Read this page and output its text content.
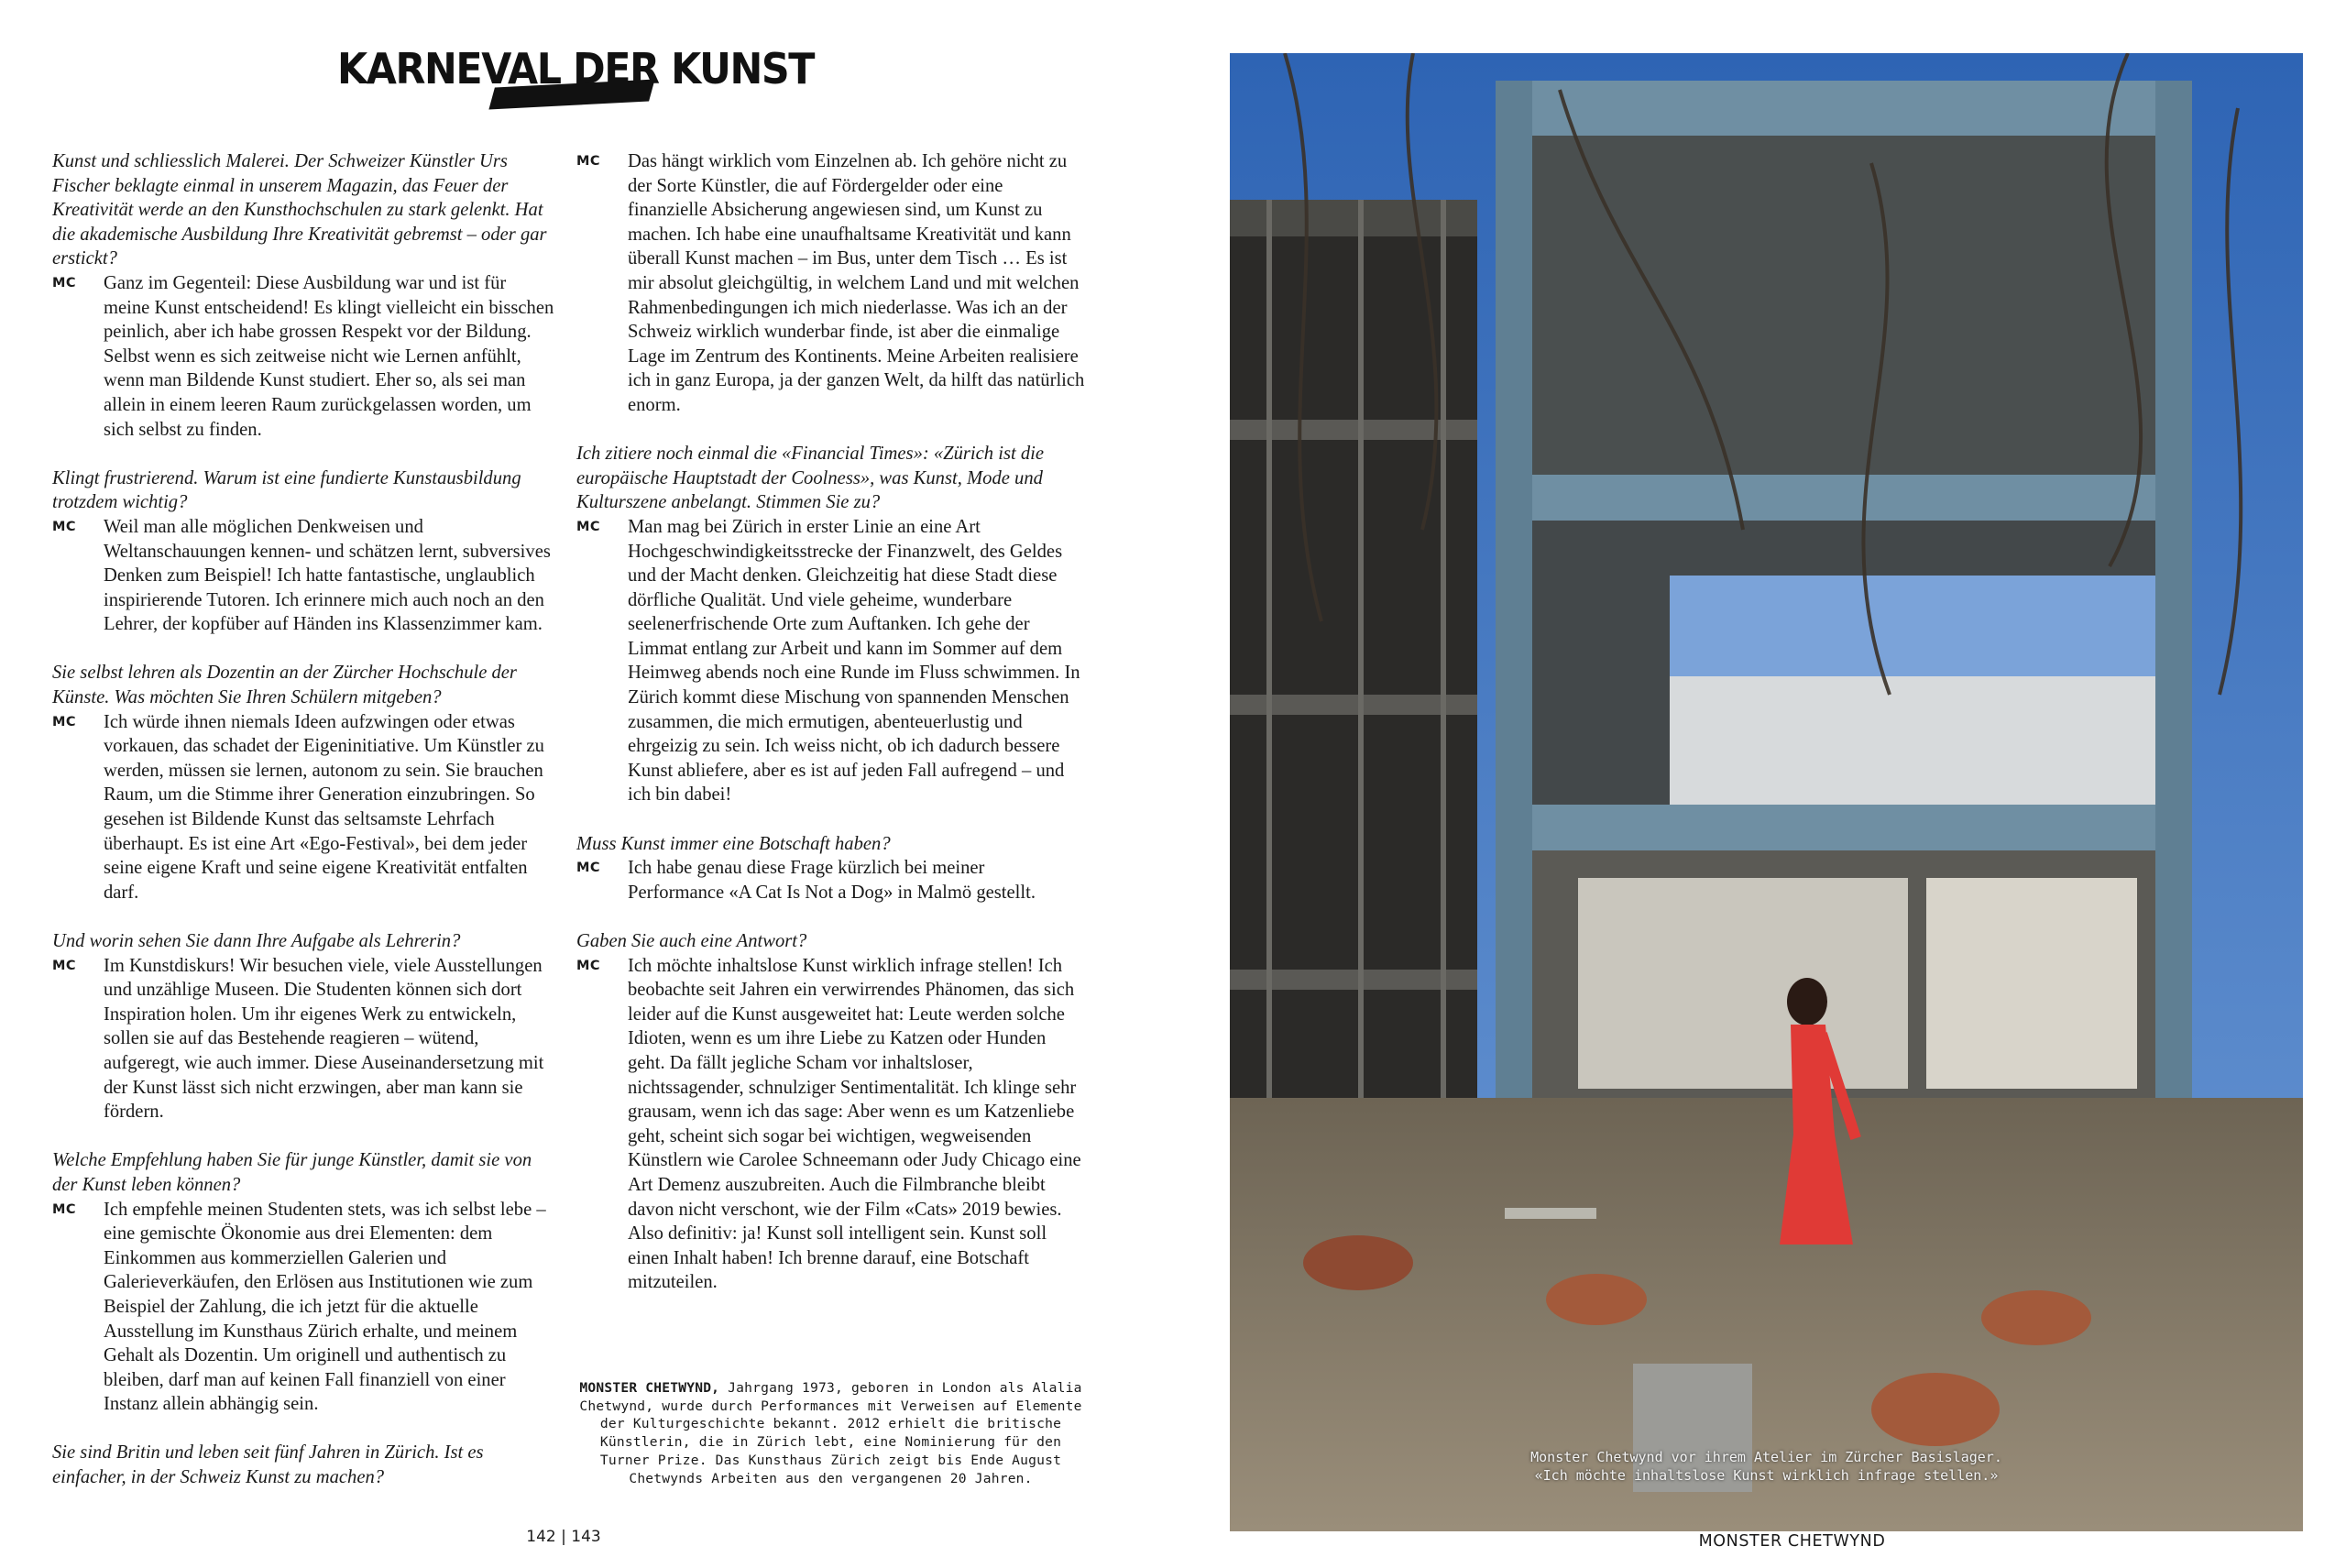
KARNEVAL DER KUNST

Kunst und schliesslich Malerei. Der Schweizer Künstler Urs Fischer beklagte einmal in unserem Magazin, das Feuer der Kreativität werde an den Kunsthochschulen zu stark gelenkt. Hat die akademische Ausbildung Ihre Kreativität gebremst – oder gar erstickt?

MC Ganz im Gegenteil: Diese Ausbildung war und ist für meine Kunst entscheidend! Es klingt vielleicht ein bisschen peinlich, aber ich habe grossen Respekt vor der Bildung. Selbst wenn es sich zeitweise nicht wie Lernen anfühlt, wenn man Bildende Kunst studiert. Eher so, als sei man allein in einem leeren Raum zurückgelassen worden, um sich selbst zu finden.

Klingt frustrierend. Warum ist eine fundierte Kunstausbildung trotzdem wichtig?

MC Weil man alle möglichen Denkweisen und Weltanschauungen kennen- und schätzen lernt, subversives Denken zum Beispiel! Ich hatte fantastische, unglaublich inspirierende Tutoren. Ich erinnere mich auch noch an den Lehrer, der kopfüber auf Händen ins Klassenzimmer kam.

Sie selbst lehren als Dozentin an der Zürcher Hochschule der Künste. Was möchten Sie Ihren Schülern mitgeben?

MC Ich würde ihnen niemals Ideen aufzwingen oder etwas vorkauen, das schadet der Eigeninitiative. Um Künstler zu werden, müssen sie lernen, autonom zu sein. Sie brauchen Raum, um die Stimme ihrer Generation einzubringen. So gesehen ist Bildende Kunst das seltsamste Lehrfach überhaupt. Es ist eine Art «Ego-Festival», bei dem jeder seine eigene Kraft und seine eigene Kreativität entfalten darf.

Und worin sehen Sie dann Ihre Aufgabe als Lehrerin?

MC Im Kunstdiskurs! Wir besuchen viele, viele Ausstellungen und unzählige Museen. Die Studenten können sich dort Inspiration holen. Um ihr eigenes Werk zu entwickeln, sollen sie auf das Bestehende reagieren – wütend, aufgeregt, wie auch immer. Diese Auseinandersetzung mit der Kunst lässt sich nicht erzwingen, aber man kann sie fördern.

Welche Empfehlung haben Sie für junge Künstler, damit sie von der Kunst leben können?

MC Ich empfehle meinen Studenten stets, was ich selbst lebe – eine gemischte Ökonomie aus drei Elementen: dem Einkommen aus kommerziellen Galerien und Galerieverkäufen, den Erlösen aus Institutionen wie zum Beispiel der Zahlung, die ich jetzt für die aktuelle Ausstellung im Kunsthaus Zürich erhalte, und meinem Gehalt als Dozentin. Um originell und authentisch zu bleiben, darf man auf keinen Fall finanziell von einer Instanz allein abhängig sein.

Sie sind Britin und leben seit fünf Jahren in Zürich. Ist es einfacher, in der Schweiz Kunst zu machen?

MC Das hängt wirklich vom Einzelnen ab. Ich gehöre nicht zu der Sorte Künstler, die auf Fördergelder oder eine finanzielle Absicherung angewiesen sind, um Kunst zu machen. Ich habe eine unaufhaltsame Kreativität und kann überall Kunst machen – im Bus, unter dem Tisch … Es ist mir absolut gleichgültig, in welchem Land und mit welchen Rahmenbedingungen ich mich niederlasse. Was ich an der Schweiz wirklich wunderbar finde, ist aber die einmalige Lage im Zentrum des Kontinents. Meine Arbeiten realisiere ich in ganz Europa, ja der ganzen Welt, da hilft das natürlich enorm.

Ich zitiere noch einmal die «Financial Times»: «Zürich ist die europäische Hauptstadt der Coolness», was Kunst, Mode und Kulturszene anbelangt. Stimmen Sie zu?

MC Man mag bei Zürich in erster Linie an eine Art Hochgeschwindigkeitsstrecke der Finanzwelt, des Geldes und der Macht denken. Gleichzeitig hat diese Stadt diese dörfliche Qualität. Und viele geheime, wunderbare seelenerfrischende Orte zum Auftanken. Ich gehe der Limmat entlang zur Arbeit und kann im Sommer auf dem Heimweg abends noch eine Runde im Fluss schwimmen. In Zürich kommt diese Mischung von spannenden Menschen zusammen, die mich ermutigen, abenteuerlustig und ehrgeizig zu sein. Ich weiss nicht, ob ich dadurch bessere Kunst abliefere, aber es ist auf jeden Fall aufregend – und ich bin dabei!

Muss Kunst immer eine Botschaft haben?

MC Ich habe genau diese Frage kürzlich bei meiner Performance «A Cat Is Not a Dog» in Malmö gestellt.

Gaben Sie auch eine Antwort?

MC Ich möchte inhaltslose Kunst wirklich infrage stellen! Ich beobachte seit Jahren ein verwirrendes Phänomen, das sich leider auf die Kunst ausgeweitet hat: Leute werden solche Idioten, wenn es um ihre Liebe zu Katzen oder Hunden geht. Da fällt jegliche Scham vor inhaltsloser, nichtssagender, schnulziger Sentimentalität. Ich klinge sehr grausam, wenn ich das sage: Aber wenn es um Katzenliebe geht, scheint sich sogar bei wichtigen, wegweisenden Künstlern wie Carolee Schneemann oder Judy Chicago eine Art Demenz auszubreiten. Auch die Filmbranche bleibt davon nicht verschont, wie der Film «Cats» 2019 bewies. Also definitiv: ja! Kunst soll intelligent sein. Kunst soll einen Inhalt haben! Ich brenne darauf, eine Botschaft mitzuteilen.

MONSTER CHETWYND, Jahrgang 1973, geboren in London als Alalia Chetwynd, wurde durch Performances mit Verweisen auf Elemente der Kulturgeschichte bekannt. 2012 erhielt die britische Künstlerin, die in Zürich lebt, eine Nominierung für den Turner Prize. Das Kunsthaus Zürich zeigt bis Ende August Chetwynds Arbeiten aus den vergangenen 20 Jahren.
142 | 143
Monster Chetwynd vor ihrem Atelier im Zürcher Basislager.
«Ich möchte inhaltslose Kunst wirklich infrage stellen.»
MONSTER CHETWYND
